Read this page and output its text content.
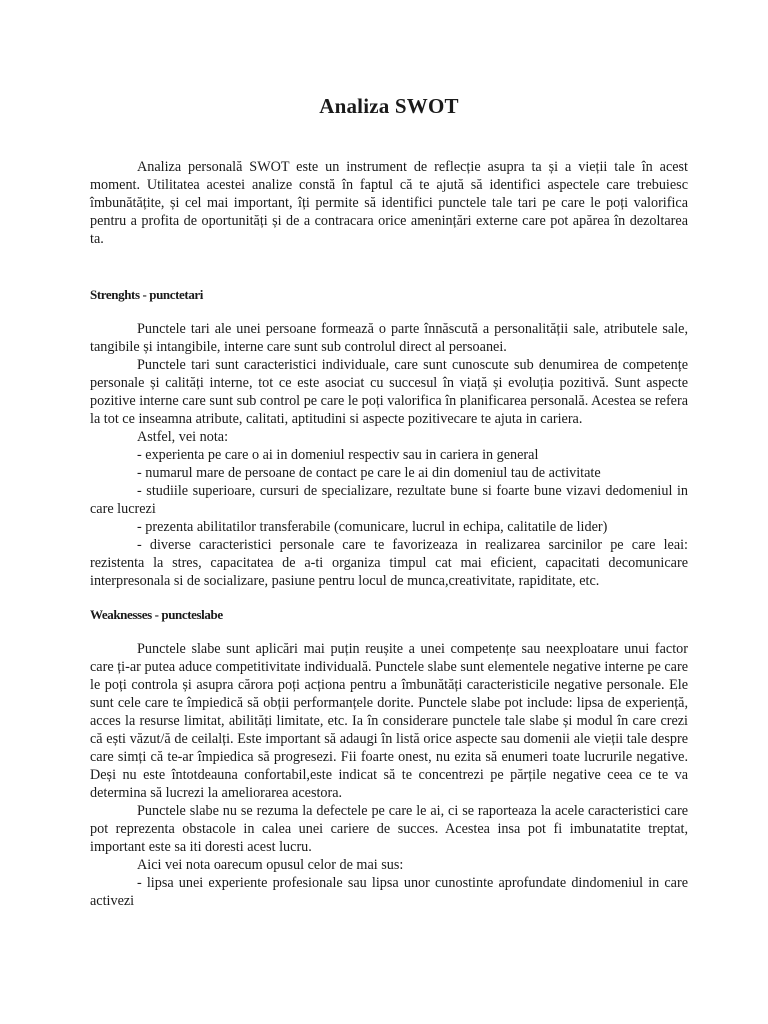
Analiza SWOT

Analiza personală SWOT este un instrument de reflecție asupra ta și a vieții tale în acest moment. Utilitatea acestei analize constă în faptul că te ajută să identifici aspectele care trebuiesc îmbunătățite, și cel mai important, îți permite să identifici punctele tale tari pe care le poți valorifica pentru a profita de oportunități și de a contracara orice amenințări externe care pot apărea în dezoltarea ta.

Strenghts - punctetari

Punctele tari ale unei persoane formează o parte înnăscută a personalității sale, atributele sale, tangibile și intangibile, interne care sunt sub controlul direct al persoanei.

Punctele tari sunt caracteristici individuale, care sunt cunoscute sub denumirea de competențe personale și calități interne, tot ce este asociat cu succesul în viață și evoluția pozitivă. Sunt aspecte pozitive interne care sunt sub control pe care le poți valorifica în planificarea personală. Acestea se refera la tot ce inseamna atribute, calitati, aptitudini si aspecte pozitivecare te ajuta in cariera.

Astfel, vei nota:

- experienta pe care o ai in domeniul respectiv sau in cariera in general

- numarul mare de persoane de contact pe care le ai din domeniul tau de activitate

- studiile superioare, cursuri de specializare, rezultate bune si foarte bune vizavi dedomeniul in care lucrezi

- prezenta abilitatilor transferabile (comunicare, lucrul in echipa, calitatile de lider)

- diverse caracteristici personale care te favorizeaza in realizarea sarcinilor pe care leai: rezistenta la stres, capacitatea de a-ti organiza timpul cat mai eficient, capacitati decomunicare interpresonala si de socializare, pasiune pentru locul de munca,creativitate, rapiditate, etc.

Weaknesses - puncteslabe

Punctele slabe sunt aplicări mai puțin reușite a unei competențe sau neexploatare unui factor care ți-ar putea aduce competitivitate individuală. Punctele slabe sunt elementele negative interne pe care le poți controla și asupra cărora poți acționa pentru a îmbunătăți caracteristicile negative personale. Ele sunt cele care te împiedică să obții performanțele dorite. Punctele slabe pot include: lipsa de experiență, acces la resurse limitat, abilități limitate, etc. Ia în considerare punctele tale slabe și modul în care crezi că ești văzut/ă de ceilalți. Este important să adaugi în listă orice aspecte sau domenii ale vieții tale despre care simți că te-ar împiedica să progresezi. Fii foarte onest, nu ezita să enumeri toate lucrurile negative. Deși nu este întotdeauna confortabil,este indicat să te concentrezi pe părțile negative ceea ce te va determina să lucrezi la ameliorarea acestora.

Punctele slabe nu se rezuma la defectele pe care le ai, ci se raporteaza la acele caracteristici care pot reprezenta obstacole in calea unei cariere de succes. Acestea insa pot fi imbunatatite treptat, important este sa iti doresti acest lucru.

Aici vei nota oarecum opusul celor de mai sus:

- lipsa unei experiente profesionale sau lipsa unor cunostinte aprofundate dindomeniul in care activezi
